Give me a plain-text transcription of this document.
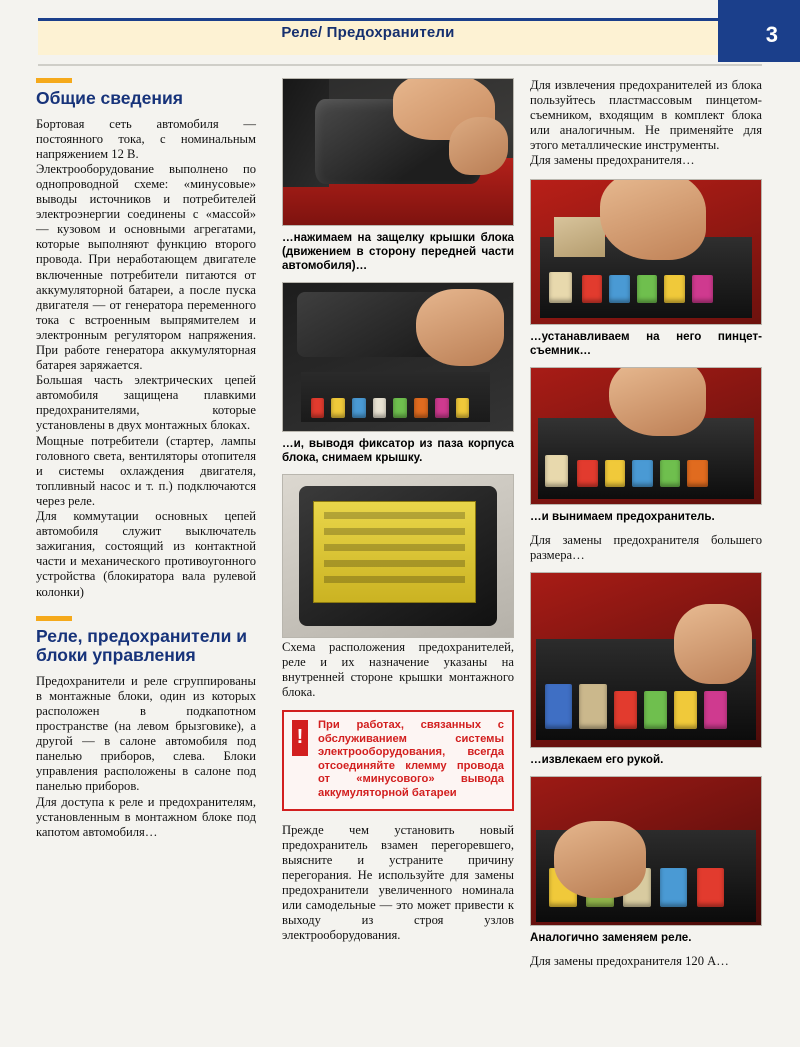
Реле/ Предохранители	3
Общие сведения

Бортовая сеть автомобиля — постоянного тока, с номинальным напряжением 12 В.

Электрооборудование выполнено по однопроводной схеме: «минусовые» выводы источников и потребителей электроэнергии соединены с «массой» — кузовом и основными агрегатами, которые выполняют функцию второго провода. При неработающем двигателе включенные потребители питаются от аккумуляторной батареи, а после пуска двигателя — от генератора переменного тока с встроенным выпрямителем и электронным регулятором напряжения. При работе генератора аккумуляторная батарея заряжается.

Большая часть электрических цепей автомобиля защищена плавкими предохранителями, которые установлены в двух монтажных блоках.

Мощные потребители (стартер, лампы головного света, вентиляторы отопителя и системы охлаждения двигателя, топливный насос и т. п.) подключаются через реле.

Для коммутации основных цепей автомобиля служит выключатель зажигания, состоящий из контактной части и механического противоугонного устройства (блокиратора вала рулевой колонки)

Реле, предохранители и блоки управления

Предохранители и реле сгруппированы в монтажные блоки, один из которых расположен в подкапотном пространстве (на левом брызговике), а другой — в салоне автомобиля под панелью приборов, слева. Блоки управления расположены в салоне под панелью приборов.

Для доступа к реле и предохранителям, установленным в монтажном блоке под капотом автомобиля…

…нажимаем на защелку крышки блока (движением в сторону передней части автомобиля)…
…и, выводя фиксатор из паза корпуса блока, снимаем крышку.
Схема расположения предохранителей, реле и их назначение указаны на внутренней стороне крышки монтажного блока.
!
При работах, связанных с обслуживанием системы электрооборудования, всегда отсоединяйте клемму провода от «минусового» вывода аккумуляторной батареи

Прежде чем установить новый предохранитель взамен перегоревшего, выясните и устраните причину перегорания. Не используйте для замены предохранители увеличенного номинала или самодельные — это может привести к выходу из строя узлов электрооборудования.

Для извлечения предохранителей из блока пользуйтесь пластмассовым пинцетом-съемником, входящим в комплект блока или аналогичным. Не применяйте для этого металлические инструменты.

Для замены предохранителя…

…устанавливаем на него пинцет-съемник…
…и вынимаем предохранитель.
Для замены предохранителя большего размера…
…извлекаем его рукой.
Аналогично заменяем реле.
Для замены предохранителя 120 А…
